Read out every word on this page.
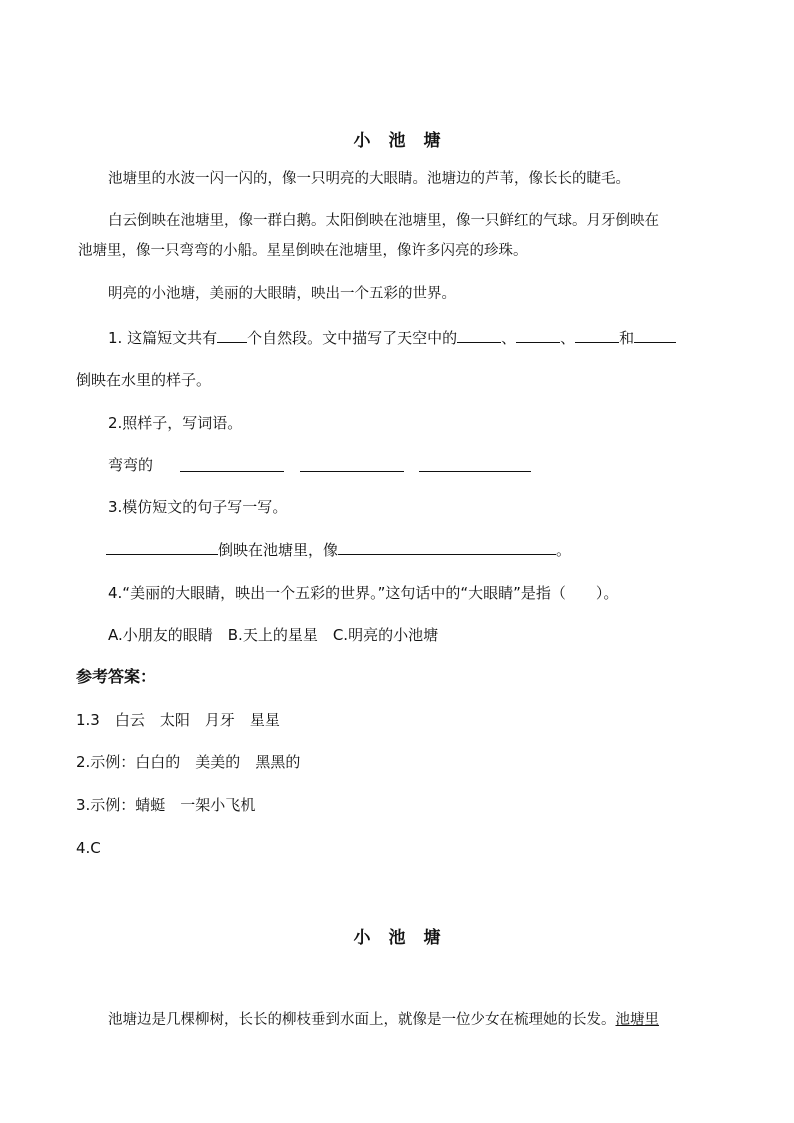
小池塘
池塘里的水波一闪一闪的，像一只明亮的大眼睛。池塘边的芦苇，像长长的睫毛。
白云倒映在池塘里，像一群白鹅。太阳倒映在池塘里，像一只鲜红的气球。月牙倒映在
池塘里，像一只弯弯的小船。星星倒映在池塘里，像许多闪亮的珍珠。
明亮的小池塘，美丽的大眼睛，映出一个五彩的世界。
1. 这篇短文共有 个自然段。文中描写了天空中的	、	、	和
倒映在水里的样子。
2.照样子，写词语。
弯弯的
3.模仿短文的句子写一写。
倒映在池塘里，像	。
4.“美丽的大眼睛，映出一个五彩的世界。”这句话中的“大眼睛”是指（　　）。
A.小朋友的眼睛　B.天上的星星　C.明亮的小池塘
参考答案：
1.3　白云　太阳　月牙　星星
2.示例：白白的　美美的　黑黑的
3.示例：蜻蜓　一架小飞机
4.C
小池塘
池塘边是几棵柳树，长长的柳枝垂到水面上，就像是一位少女在梳理她的长发。池塘里
